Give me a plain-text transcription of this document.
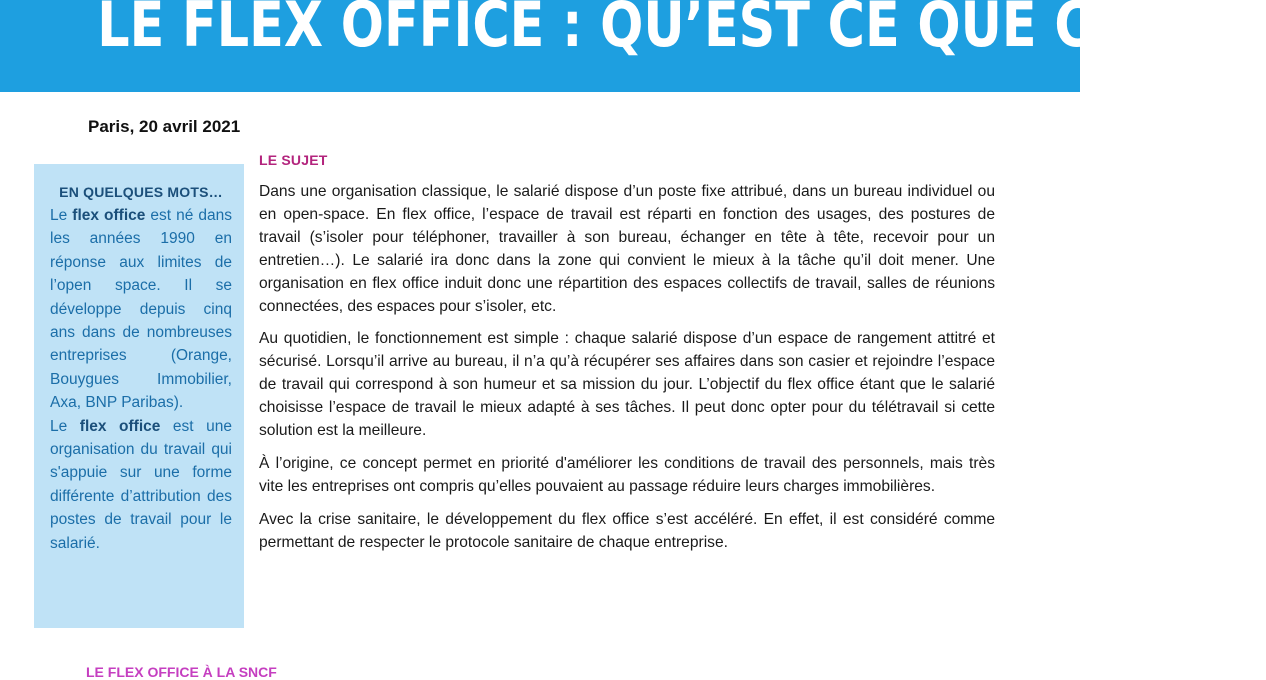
LE FLEX OFFICE : QU’EST CE QUE C’EST ?
Paris, 20 avril 2021
EN QUELQUES MOTS…

Le flex office est né dans les années 1990 en réponse aux limites de l’open space. Il se développe depuis cinq ans dans de nombreuses entreprises (Orange, Bouygues Immobilier, Axa, BNP Paribas).

Le flex office est une organisation du travail qui s'appuie sur une forme différente d’attribution des postes de travail pour le salarié.

LE SUJET

Dans une organisation classique, le salarié dispose d’un poste fixe attribué, dans un bureau individuel ou en open-space. En flex office, l’espace de travail est réparti en fonction des usages, des postures de travail (s’isoler pour téléphoner, travailler à son bureau, échanger en tête à tête, recevoir pour un entretien…). Le salarié ira donc dans la zone qui convient le mieux à la tâche qu’il doit mener. Une organisation en flex office induit donc une répartition des espaces collectifs de travail, salles de réunions connectées, des espaces pour s’isoler, etc.

Au quotidien, le fonctionnement est simple : chaque salarié dispose d’un espace de rangement attitré et sécurisé. Lorsqu’il arrive au bureau, il n’a qu’à récupérer ses affaires dans son casier et rejoindre l’espace de travail qui correspond à son humeur et sa mission du jour. L’objectif du flex office étant que le salarié choisisse l’espace de travail le mieux adapté à ses tâches. Il peut donc opter pour du télétravail si cette solution est la meilleure.

À l’origine, ce concept permet en priorité d'améliorer les conditions de travail des personnels, mais très vite les entreprises ont compris qu’elles pouvaient au passage réduire leurs charges immobilières.

Avec la crise sanitaire, le développement du flex office s’est accéléré. En effet, il est considéré comme permettant de respecter le protocole sanitaire de chaque entreprise.

LE FLEX OFFICE À LA SNCF
